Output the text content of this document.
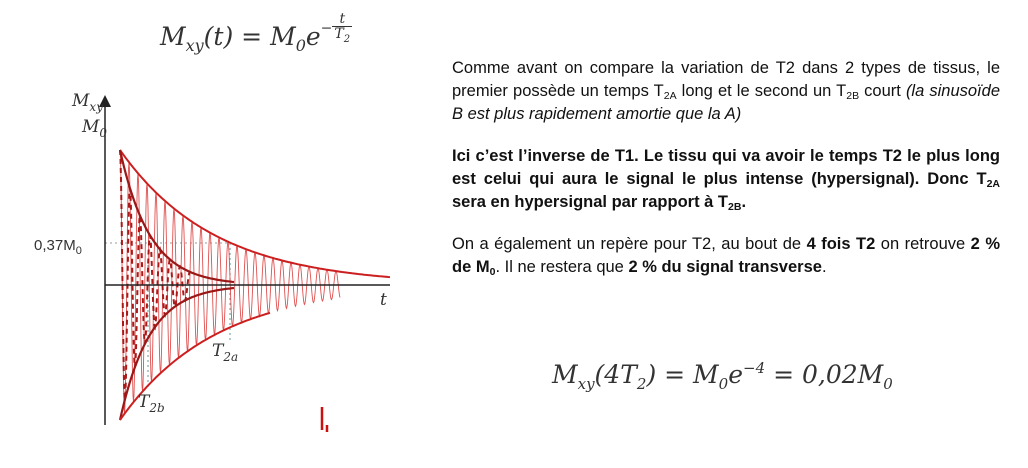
$M_{xy}(t) = M_0e- \frac{t}{T_2}$
$M_{xy}$
$M_0$
$0,37M_0$
t
$T_{2a}$
$T_{2b}$

Comme avant on compare la variation de T2 dans 2 types de tissus, le premier possède un temps $T_{2A}$ long et le second un $T_{2B}$ court (la sinusoïde B est plus rapidement amortie que la A)

Ici c’est l’inverse de T1. Le tissu qui va avoir le temps T2 le plus long est celui qui aura le signal le plus intense (hypersignal). Donc $T_{2A}$ sera en hypersignal par rapport à $T_{2B}$.

On a également un repère pour T2, au bout de 4 fois T2 on retrouve 2 % de $M_0$. Il ne restera que 2 % du signal transverse.

$M_{xy}(4T_2) = M_0e^{-4} = 0,02M_0$
